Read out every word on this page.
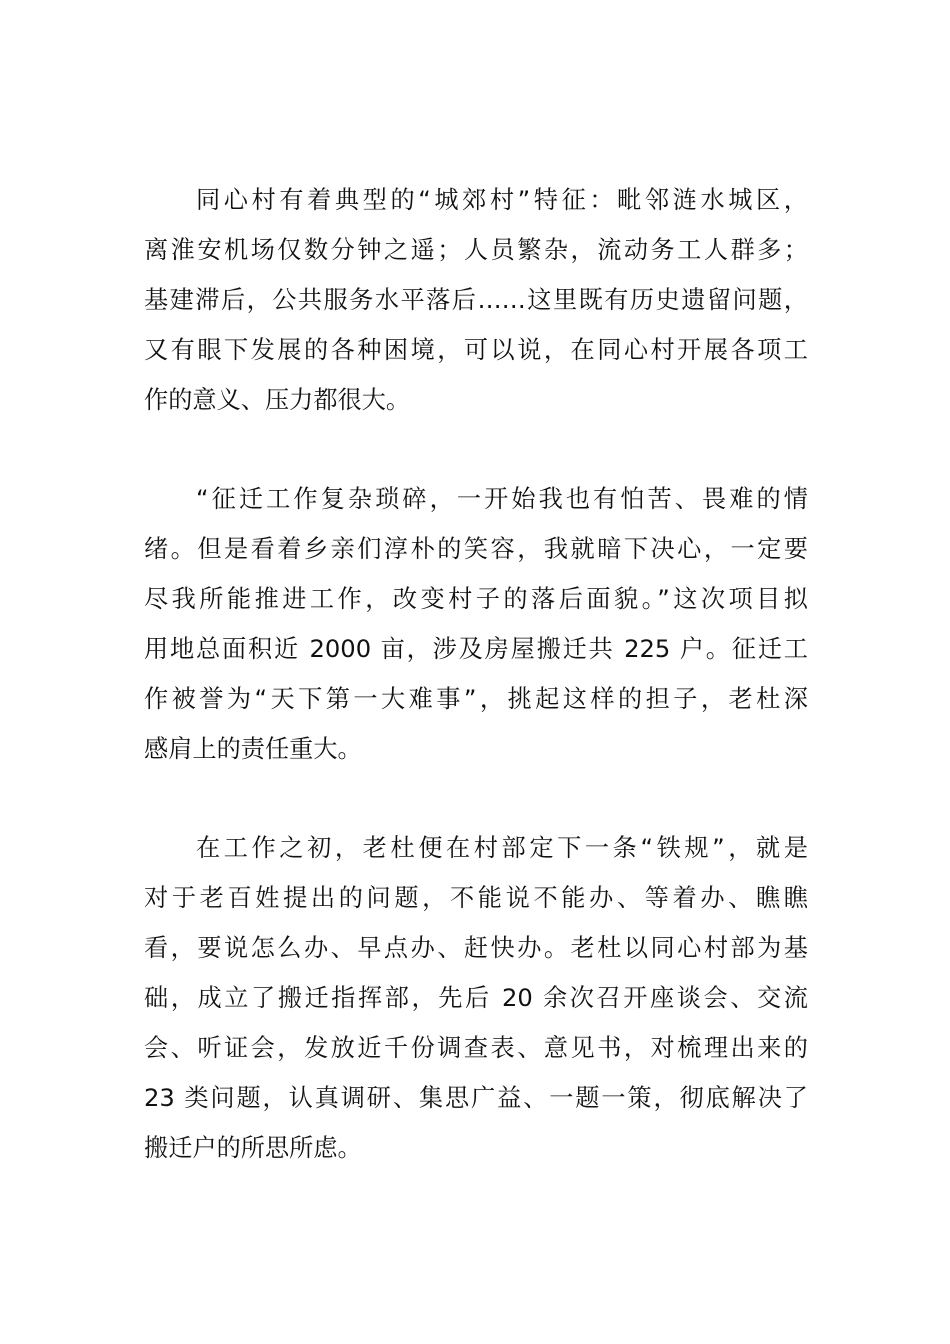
同心村有着典型的“城郊村”特征：毗邻涟水城区，
离淮安机场仅数分钟之遥；人员繁杂，流动务工人群多；
基建滞后，公共服务水平落后……这里既有历史遗留问题，
又有眼下发展的各种困境，可以说，在同心村开展各项工
作的意义、压力都很大。
“征迁工作复杂琐碎，一开始我也有怕苦、畏难的情
绪。但是看着乡亲们淳朴的笑容，我就暗下决心，一定要
尽我所能推进工作，改变村子的落后面貌。”这次项目拟
用地总面积近 2000 亩，涉及房屋搬迁共 225 户。征迁工
作被誉为“天下第一大难事”，挑起这样的担子，老杜深
感肩上的责任重大。
在工作之初，老杜便在村部定下一条“铁规”，就是
对于老百姓提出的问题，不能说不能办、等着办、瞧瞧
看，要说怎么办、早点办、赶快办。老杜以同心村部为基
础，成立了搬迁指挥部，先后 20 余次召开座谈会、交流
会、听证会，发放近千份调查表、意见书，对梳理出来的
23 类问题，认真调研、集思广益、一题一策，彻底解决了
搬迁户的所思所虑。
